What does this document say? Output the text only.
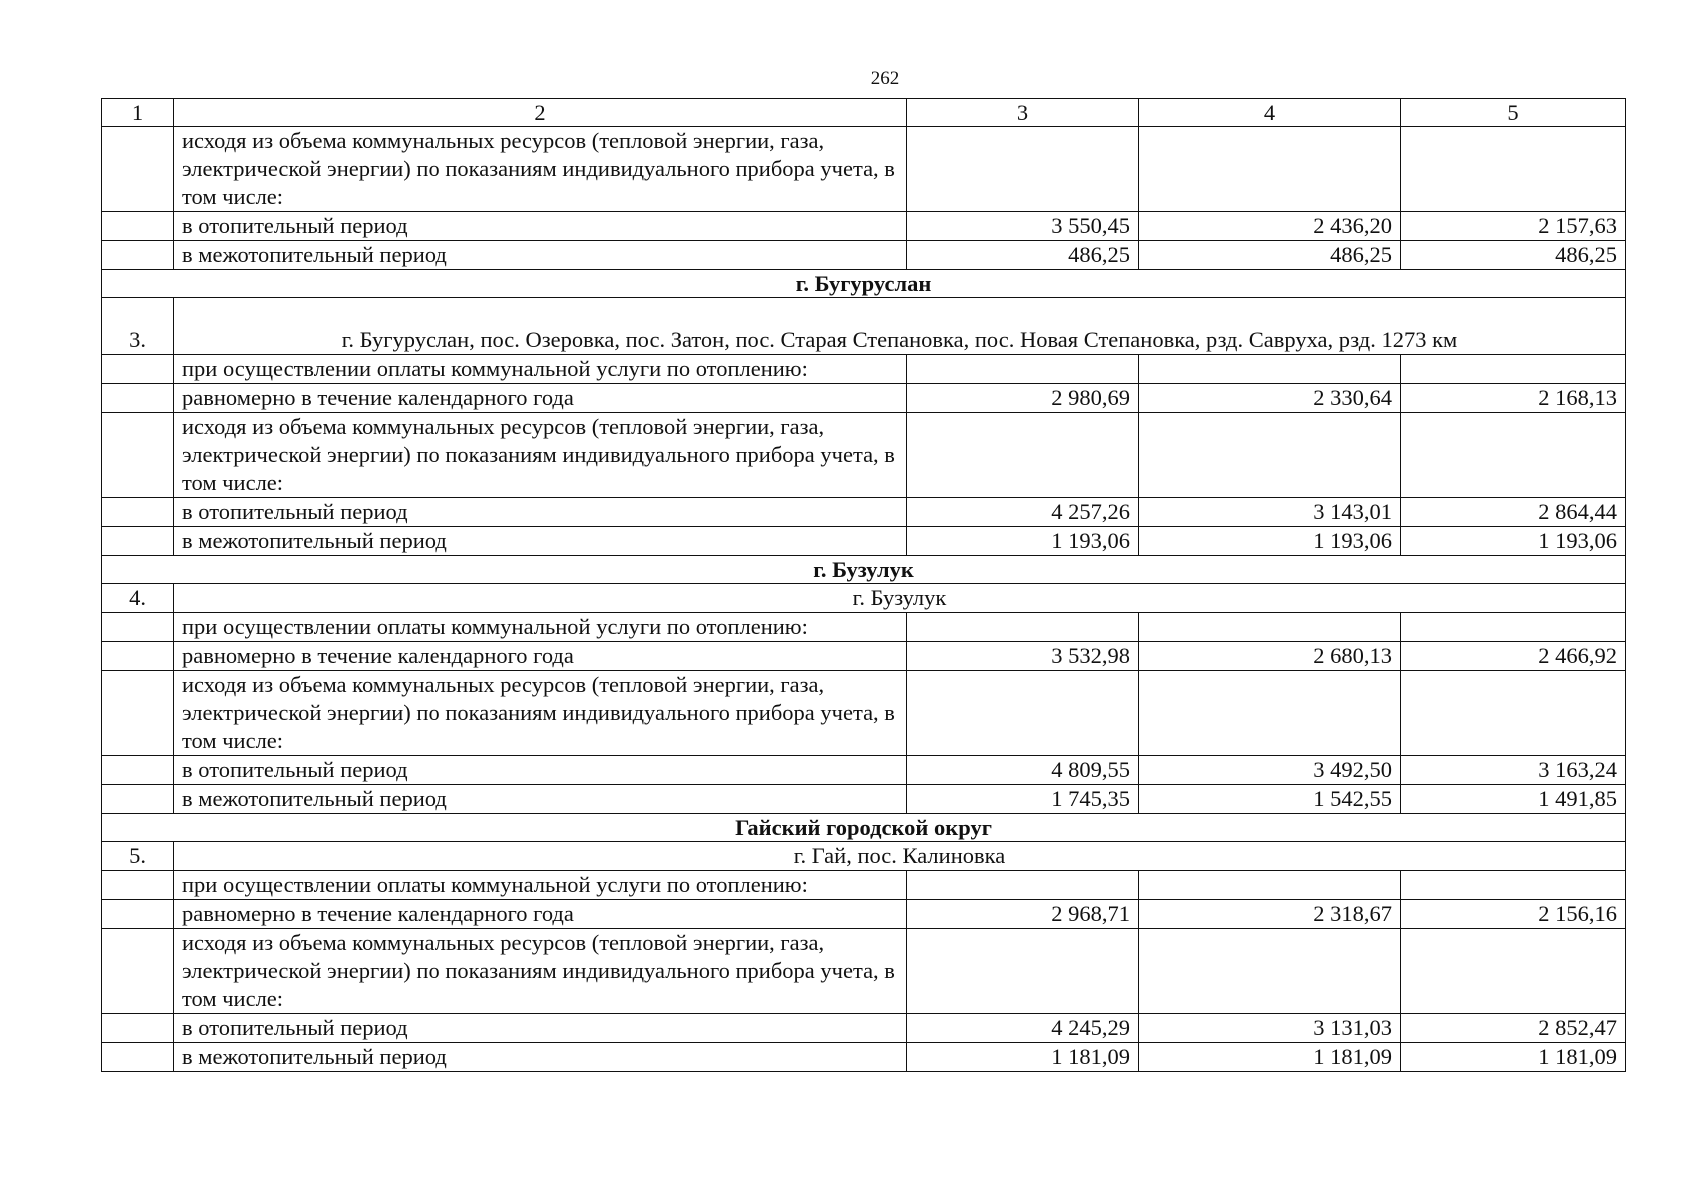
262
1	2	3	4	5
	исходя из объема коммунальных ресурсов (тепловой энергии, газа, электрической энергии) по показаниям индивидуального прибора учета, в том числе:			
	в отопительный период	3 550,45	2 436,20	2 157,63
	в межотопительный период	486,25	486,25	486,25
г. Бугуруслан				
3.	г. Бугуруслан, пос. Озеровка, пос. Затон, пос. Старая Степановка, пос. Новая Степановка, рзд. Савруха, рзд. 1273 км			
	при осуществлении оплаты коммунальной услуги по отоплению:			
	равномерно в течение календарного года	2 980,69	2 330,64	2 168,13
	исходя из объема коммунальных ресурсов (тепловой энергии, газа, электрической энергии) по показаниям индивидуального прибора учета, в том числе:			
	в отопительный период	4 257,26	3 143,01	2 864,44
	в межотопительный период	1 193,06	1 193,06	1 193,06
г. Бузулук				
4.	г. Бузулук			
	при осуществлении оплаты коммунальной услуги по отоплению:			
	равномерно в течение календарного года	3 532,98	2 680,13	2 466,92
	исходя из объема коммунальных ресурсов (тепловой энергии, газа, электрической энергии) по показаниям индивидуального прибора учета, в том числе:			
	в отопительный период	4 809,55	3 492,50	3 163,24
	в межотопительный период	1 745,35	1 542,55	1 491,85
Гайский городской округ				
5.	г. Гай, пос. Калиновка			
	при осуществлении оплаты коммунальной услуги по отоплению:			
	равномерно в течение календарного года	2 968,71	2 318,67	2 156,16
	исходя из объема коммунальных ресурсов (тепловой энергии, газа, электрической энергии) по показаниям индивидуального прибора учета, в том числе:			
	в отопительный период	4 245,29	3 131,03	2 852,47
	в межотопительный период	1 181,09	1 181,09	1 181,09
